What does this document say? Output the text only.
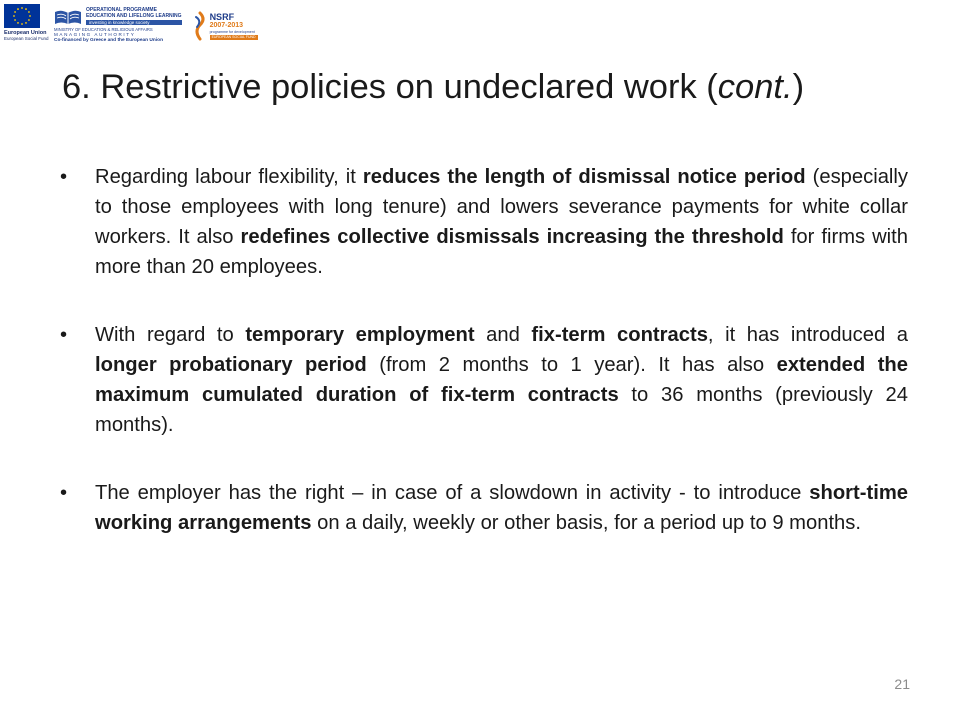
European Union
European Social Fund
OPERATIONAL PROGRAMME
EDUCATION AND LIFELONG LEARNING
investing in knowledge society
MINISTRY OF EDUCATION & RELIGIOUS AFFAIRS
MANAGING AUTHORITY
Co-financed by Greece and the European Union
NSRF
2007-2013
programme for development
EUROPEAN SOCIAL FUND
6. Restrictive policies on undeclared work (cont.)
•	Regarding labour flexibility, it reduces the length of dismissal notice period (especially to those employees with long tenure) and lowers severance payments for white collar workers. It also redefines collective dismissals increasing the threshold for firms with more than 20 employees.
•	With regard to temporary employment and fix-term contracts, it has introduced a longer probationary period (from 2 months to 1 year). It has also extended the maximum cumulated duration of fix-term contracts to 36 months (previously 24 months).
•	The employer has the right – in case of a slowdown in activity - to introduce short-time working arrangements on a daily, weekly or other basis, for a period up to 9 months.
21
